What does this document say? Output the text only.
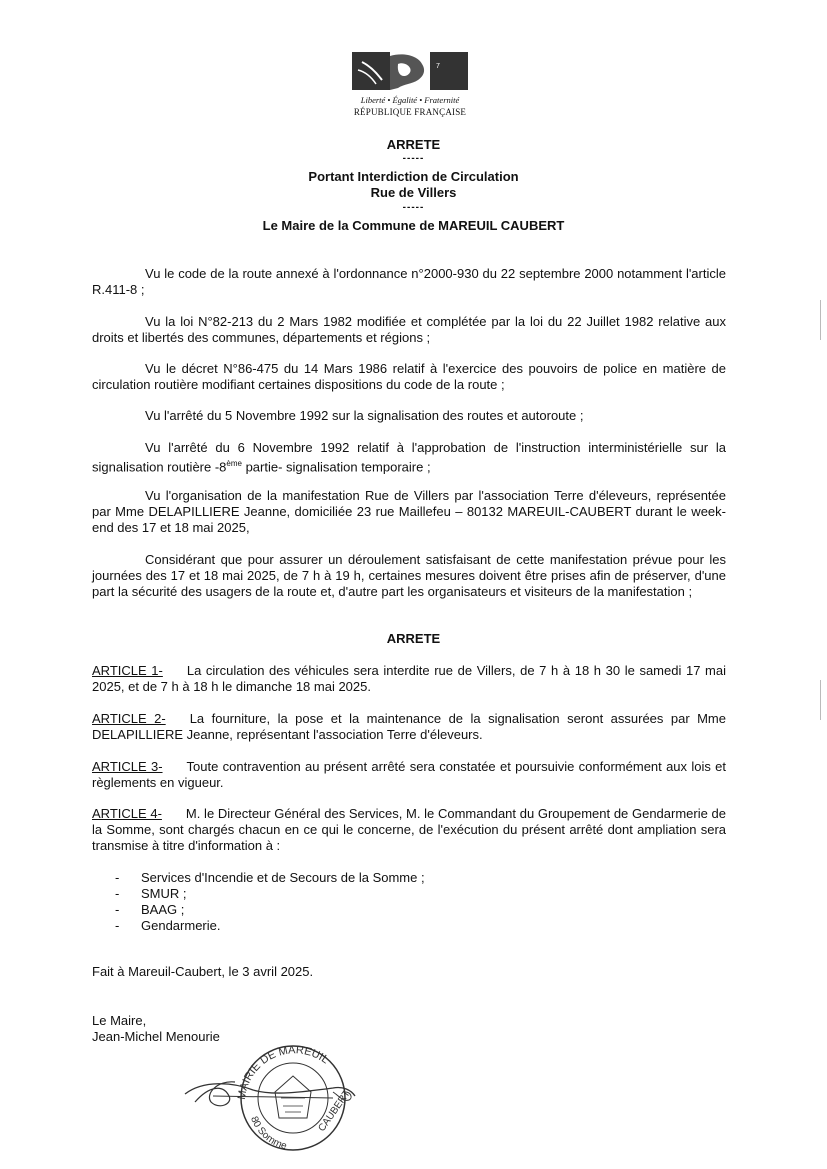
7
Liberté • Égalité • Fraternité
RÉPUBLIQUE FRANÇAISE
ARRETE
-----
Portant Interdiction de Circulation
Rue de Villers
-----
Le Maire de la Commune de MAREUIL CAUBERT
Vu le code de la route annexé à l'ordonnance n°2000-930 du 22 septembre 2000 notamment l'article R.411-8 ;
Vu la loi N°82-213 du 2 Mars 1982 modifiée et complétée par la loi du 22 Juillet 1982 relative aux droits et libertés des communes, départements et régions ;
Vu le décret N°86-475 du 14 Mars 1986 relatif à l'exercice des pouvoirs de police en matière de circulation routière modifiant certaines dispositions du code de la route ;
Vu l'arrêté du 5 Novembre 1992 sur la signalisation des routes et autoroute ;
Vu l'arrêté du 6 Novembre 1992 relatif à l'approbation de l'instruction interministérielle sur la signalisation routière -8ème partie- signalisation temporaire ;
Vu l'organisation de la manifestation Rue de Villers par l'association Terre d'éleveurs, représentée par Mme DELAPILLIERE Jeanne, domiciliée 23 rue Maillefeu – 80132 MAREUIL-CAUBERT durant le week-end des 17 et 18 mai 2025,
Considérant que pour assurer un déroulement satisfaisant de cette manifestation prévue pour les journées des 17 et 18 mai 2025, de 7 h à 19 h, certaines mesures doivent être prises afin de préserver, d'une part la sécurité des usagers de la route et, d'autre part les organisateurs et visiteurs de la manifestation ;
ARRETE
ARTICLE 1- La circulation des véhicules sera interdite rue de Villers, de 7 h à 18 h 30 le samedi 17 mai 2025, et de 7 h à 18 h le dimanche 18 mai 2025.
ARTICLE 2- La fourniture, la pose et la maintenance de la signalisation seront assurées par Mme DELAPILLIERE Jeanne, représentant l'association Terre d'éleveurs.
ARTICLE 3- Toute contravention au présent arrêté sera constatée et poursuivie conformément aux lois et règlements en vigueur.
ARTICLE 4- M. le Directeur Général des Services, M. le Commandant du Groupement de Gendarmerie de la Somme, sont chargés chacun en ce qui le concerne, de l'exécution du présent arrêté dont ampliation sera transmise à titre d'information à :
- Services d'Incendie et de Secours de la Somme ;
- SMUR ;
- BAAG ;
- Gendarmerie.
Fait à Mareuil-Caubert, le 3 avril 2025.
Le Maire,
Jean-Michel Menourie
MAIRIE DE MAREUIL
CAUBERT
80 Somme
